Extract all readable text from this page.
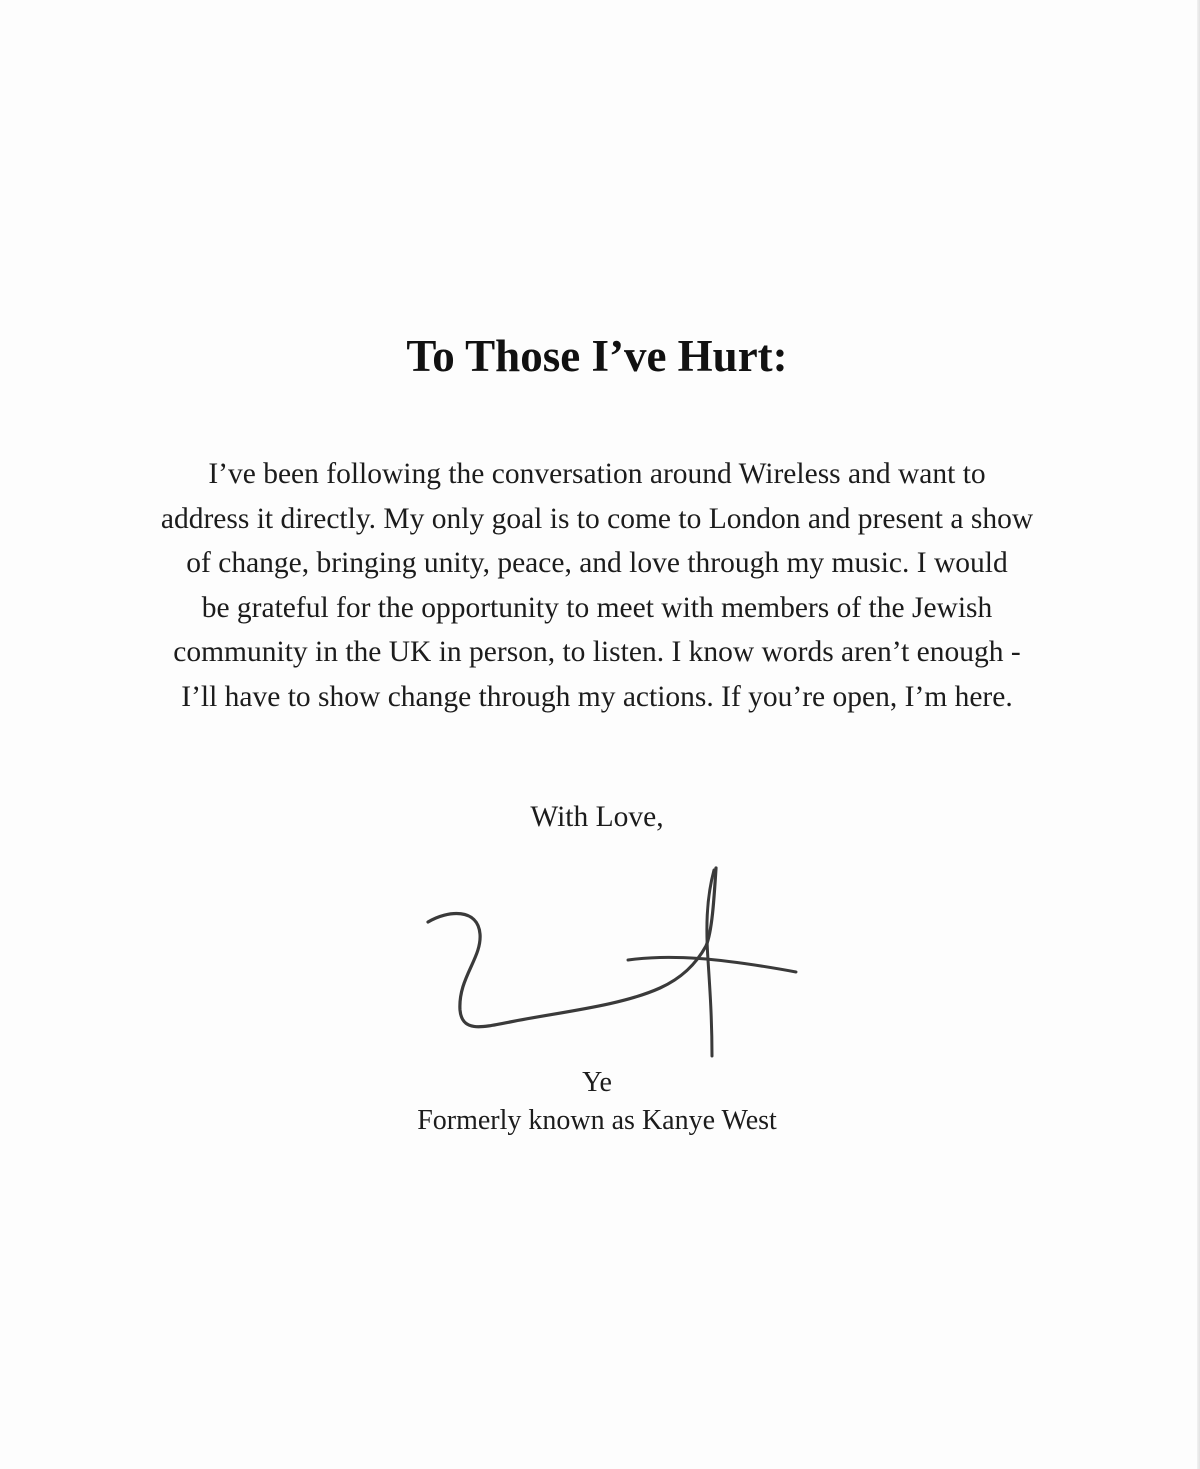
To Those I’ve Hurt:
I’ve been following the conversation around Wireless and want to
address it directly. My only goal is to come to London and present a show
of change, bringing unity, peace, and love through my music. I would
be grateful for the opportunity to meet with members of the Jewish
community in the UK in person, to listen. I know words aren’t enough -
I’ll have to show change through my actions. If you’re open, I’m here.
With Love,
Ye
Formerly known as Kanye West
